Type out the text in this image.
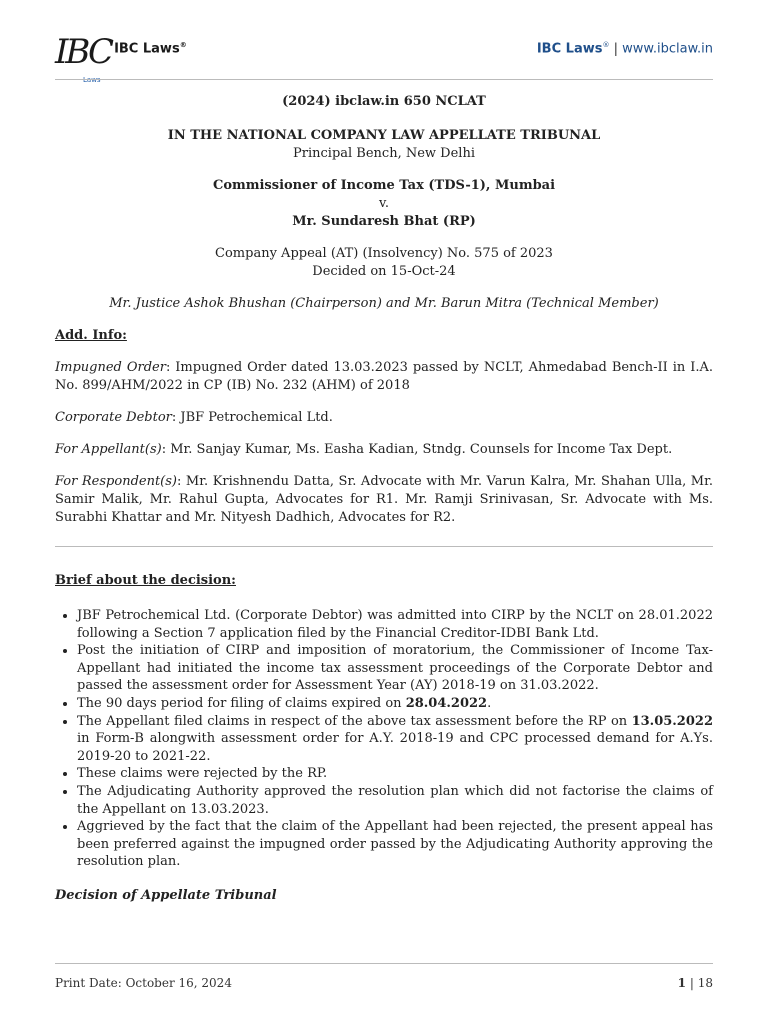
IBC
Laws
IBC Laws®	IBC Laws® | www.ibclaw.in

(2024) ibclaw.in 650 NCLAT

IN THE NATIONAL COMPANY LAW APPELLATE TRIBUNAL

Principal Bench, New Delhi

Commissioner of Income Tax (TDS-1), Mumbai

v.

Mr. Sundaresh Bhat (RP)

Company Appeal (AT) (Insolvency) No. 575 of 2023

Decided on 15-Oct-24

Mr. Justice Ashok Bhushan (Chairperson) and Mr. Barun Mitra (Technical Member)

Add. Info:

Impugned Order: Impugned Order dated 13.03.2023 passed by NCLT, Ahmedabad Bench-II in I.A. No. 899/AHM/2022 in CP (IB) No. 232 (AHM) of 2018

Corporate Debtor: JBF Petrochemical Ltd.

For Appellant(s): Mr. Sanjay Kumar, Ms. Easha Kadian, Stndg. Counsels for Income Tax Dept.

For Respondent(s): Mr. Krishnendu Datta, Sr. Advocate with Mr. Varun Kalra, Mr. Shahan Ulla, Mr. Samir Malik, Mr. Rahul Gupta, Advocates for R1. Mr. Ramji Srinivasan, Sr. Advocate with Ms. Surabhi Khattar and Mr. Nityesh Dadhich, Advocates for R2.

Brief about the decision:

• JBF Petrochemical Ltd. (Corporate Debtor) was admitted into CIRP by the NCLT on 28.01.2022 following a Section 7 application filed by the Financial Creditor-IDBI Bank Ltd.
• Post the initiation of CIRP and imposition of moratorium, the Commissioner of Income Tax-Appellant had initiated the income tax assessment proceedings of the Corporate Debtor and passed the assessment order for Assessment Year (AY) 2018-19 on 31.03.2022.
• The 90 days period for filing of claims expired on 28.04.2022.
• The Appellant filed claims in respect of the above tax assessment before the RP on 13.05.2022 in Form-B alongwith assessment order for A.Y. 2018-19 and CPC processed demand for A.Ys. 2019-20 to 2021-22.
• These claims were rejected by the RP.
• The Adjudicating Authority approved the resolution plan which did not factorise the claims of the Appellant on 13.03.2023.
• Aggrieved by the fact that the claim of the Appellant had been rejected, the present appeal has been preferred against the impugned order passed by the Adjudicating Authority approving the resolution plan.

Decision of Appellate Tribunal

Print Date: October 16, 2024	1 | 18
